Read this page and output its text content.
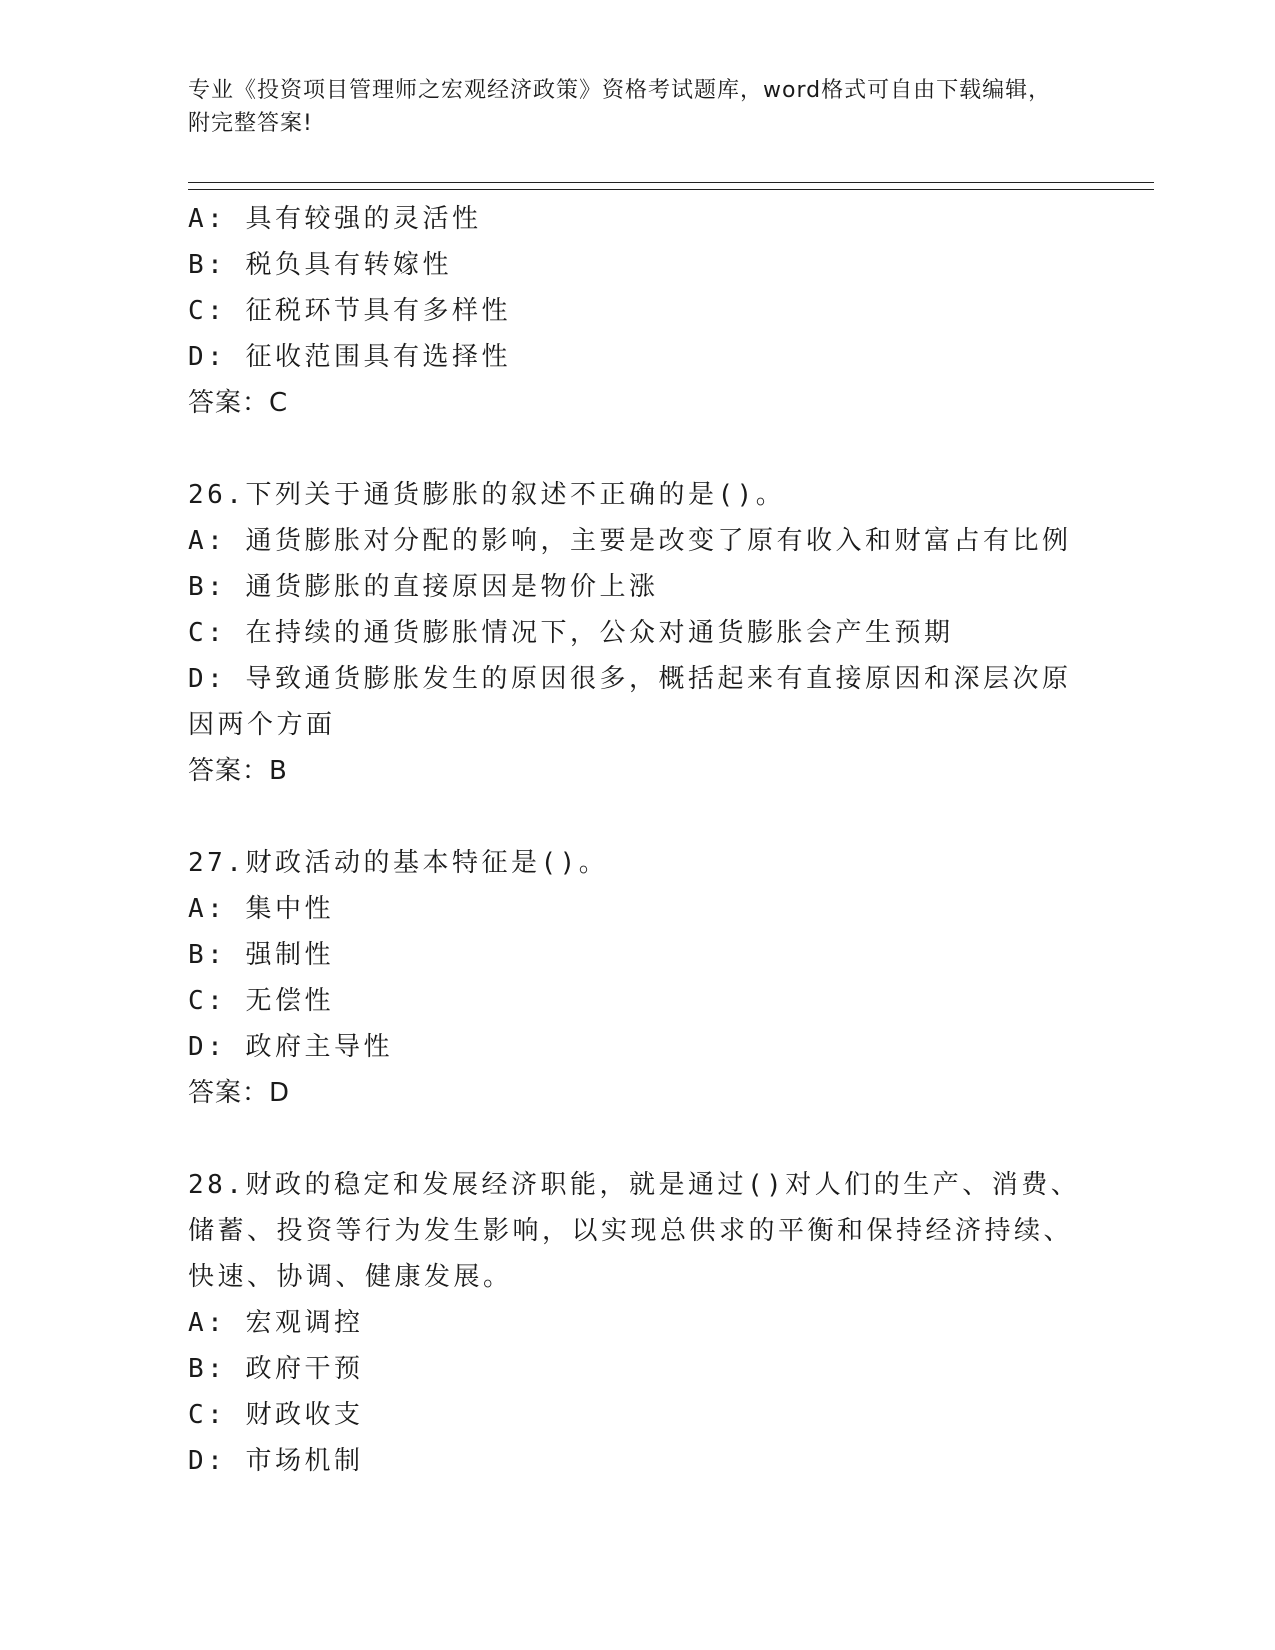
专业《投资项目管理师之宏观经济政策》资格考试题库，word格式可自由下载编辑，附完整答案!

A: 具有较强的灵活性

B: 税负具有转嫁性

C: 征税环节具有多样性

D: 征收范围具有选择性

答案：C

26.下列关于通货膨胀的叙述不正确的是()。

A: 通货膨胀对分配的影响，主要是改变了原有收入和财富占有比例

B: 通货膨胀的直接原因是物价上涨

C: 在持续的通货膨胀情况下，公众对通货膨胀会产生预期

D: 导致通货膨胀发生的原因很多，概括起来有直接原因和深层次原因两个方面

答案：B

27.财政活动的基本特征是()。

A: 集中性

B: 强制性

C: 无偿性

D: 政府主导性

答案：D

28.财政的稳定和发展经济职能，就是通过()对人们的生产、消费、储蓄、投资等行为发生影响，以实现总供求的平衡和保持经济持续、快速、协调、健康发展。

A: 宏观调控

B: 政府干预

C: 财政收支

D: 市场机制
